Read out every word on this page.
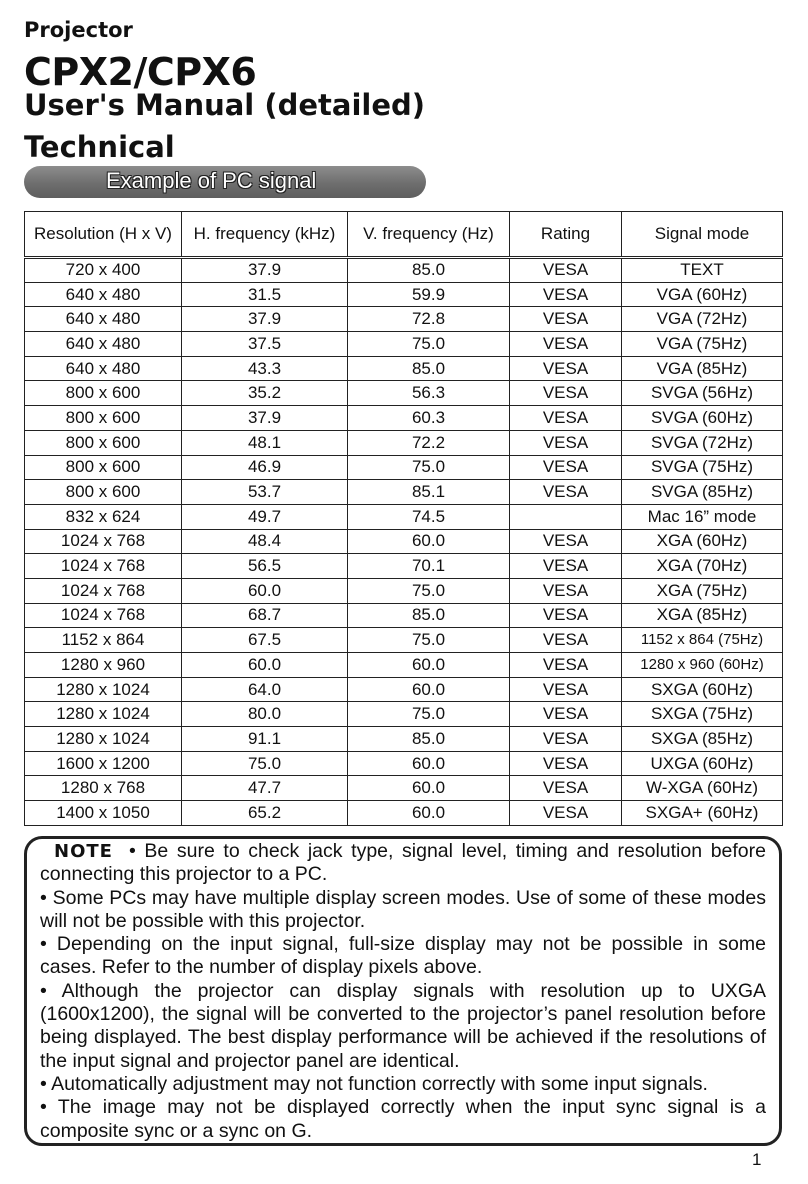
Projector
CPX2/CPX6
User's Manual (detailed)
Technical
Example of PC signal
Resolution (H x V)	H. frequency (kHz)	V. frequency (Hz)	Rating	Signal mode
720 x 400	37.9	85.0	VESA	TEXT
640 x 480	31.5	59.9	VESA	VGA (60Hz)
640 x 480	37.9	72.8	VESA	VGA (72Hz)
640 x 480	37.5	75.0	VESA	VGA (75Hz)
640 x 480	43.3	85.0	VESA	VGA (85Hz)
800 x 600	35.2	56.3	VESA	SVGA (56Hz)
800 x 600	37.9	60.3	VESA	SVGA (60Hz)
800 x 600	48.1	72.2	VESA	SVGA (72Hz)
800 x 600	46.9	75.0	VESA	SVGA (75Hz)
800 x 600	53.7	85.1	VESA	SVGA (85Hz)
832 x 624	49.7	74.5		Mac 16” mode
1024 x 768	48.4	60.0	VESA	XGA (60Hz)
1024 x 768	56.5	70.1	VESA	XGA (70Hz)
1024 x 768	60.0	75.0	VESA	XGA (75Hz)
1024 x 768	68.7	85.0	VESA	XGA (85Hz)
1152 x 864	67.5	75.0	VESA	1152 x 864 (75Hz)
1280 x 960	60.0	60.0	VESA	1280 x 960 (60Hz)
1280 x 1024	64.0	60.0	VESA	SXGA (60Hz)
1280 x 1024	80.0	75.0	VESA	SXGA (75Hz)
1280 x 1024	91.1	85.0	VESA	SXGA (85Hz)
1600 x 1200	75.0	60.0	VESA	UXGA (60Hz)
1280 x 768	47.7	60.0	VESA	W-XGA (60Hz)
1400 x 1050	65.2	60.0	VESA	SXGA+ (60Hz)

NOTE • Be sure to check jack type, signal level, timing and resolution before connecting this projector to a PC.

• Some PCs may have multiple display screen modes. Use of some of these modes will not be possible with this projector.

• Depending on the input signal, full-size display may not be possible in some cases. Refer to the number of display pixels above.

• Although the projector can display signals with resolution up to UXGA (1600x1200), the signal will be converted to the projector’s panel resolution before being displayed. The best display performance will be achieved if the resolutions of the input signal and projector panel are identical.

• Automatically adjustment may not function correctly with some input signals.

• The image may not be displayed correctly when the input sync signal is a composite sync or a sync on G.

1
